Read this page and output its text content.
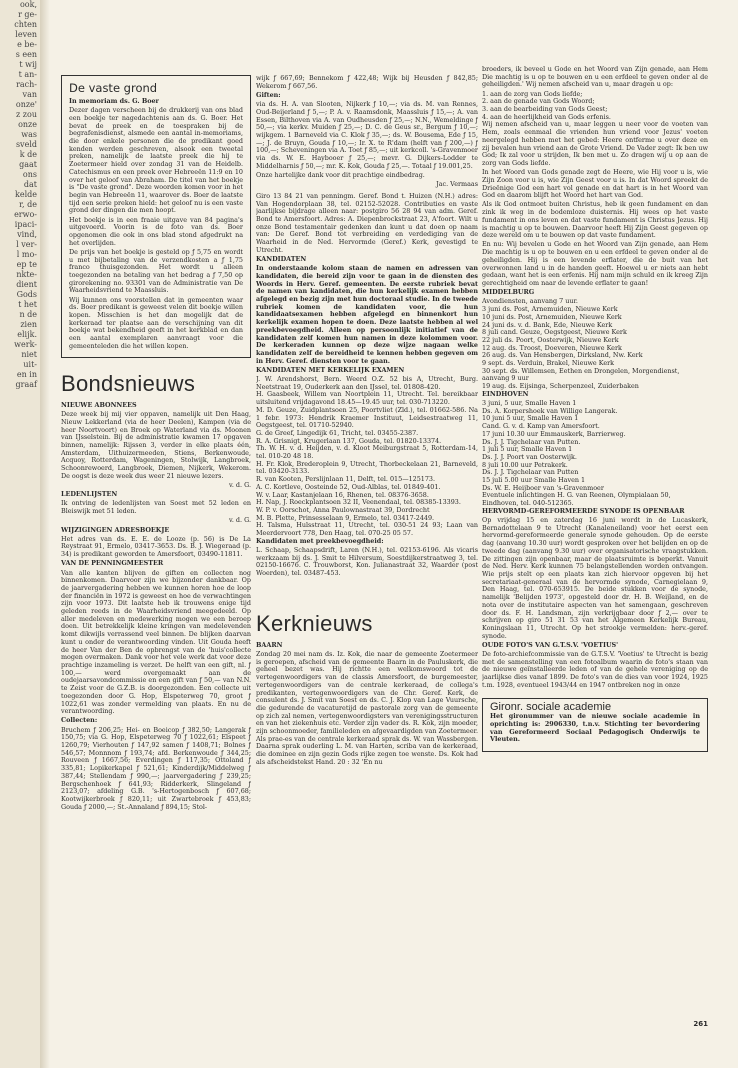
ook,
r ge-
chten
leven
e be-
s een
t wij
t an-
rach-
van
onze'
z zou
onze
was
sveld
k de
gaat
ons
dat
kelde
r, de
erwo-
ipaci-
vind,
l ver-
l mo-
ep te
nkte-
dient
Gods
t het
n de
zien
elijk.
werk-
niet
uit-
en in
graaf
De vaste grond

In memoriam ds. G. Boer

Dezer dagen verscheen bij de drukkerij van ons blad een boekje ter nagedachtenis aan ds. G. Boer. Het bevat de preek en de toespraken bij de begrafenisdienst, alsmede een aantal in-memoriams, die door enkele personen die de predikant goed kenden werden geschreven, alsook een tweetal preken, namelijk de laatste preek die hij te Zoetermeer hield over zondag 31 van de Heidelb. Catechismus en een preek over Hebreeën 11:9 en 10 over het geloof van Abraham. De titel van het boekje is "De vaste grond". Deze woorden komen voor in het begin van Hebreeën 11, waarover ds. Boer de laatste tijd een serie preken hield: het geloof nu is een vaste grond der dingen die men hoopt.

Het boekje is in een fraaie uitgave van 84 pagina's uitgevoerd. Voorin is de foto van ds. Boer opgenomen die ook in ons blad stond afgedrukt na het overlijden.

De prijs van het boekje is gesteld op ƒ 5,75 en wordt u met bijbetaling van de verzendkosten a ƒ 1,75 franco thuisgezonden. Het wordt u alleen toegezonden na betaling van het bedrag a ƒ 7,50 op girorekening no. 93301 van de Administratie van De Waarheidsvriend te Maassluis.

Wij kunnen ons voorstellen dat in gemeenten waar ds. Boer predikant is geweest velen dit boekje willen kopen. Misschien is het dan mogelijk dat de kerkeraad ter plaatse aan de verschijning van dit boekje wat bekendheid geeft in het kerkblad en dan een aantal exemplaren aanvraagt voor die gemeenteleden die het willen kopen.

Bondsnieuws

NIEUWE ABONNEES

Deze week bij mij vier oppaven, namelijk uit Den Haag, Nieuw Lekkerland (via de heer Deelen), Kampen (via de heer Noortvoort) en Broek op Waterland via ds. Moonen van IJsselstein. Bij de administratie kwamen 17 opgaven binnen, namelijk: Rijssen 3, verder in elke plaats één, Amsterdam, Uithuizermeeden, Stiens, Berkenwoude, Acquoy, Rotterdam, Wageningen, Stolwijk, Langbroek, Schoonrewoerd, Langbroek, Diemen, Nijkerk, Wekerom. De oogst is deze week dus weer 21 nieuwe lezers.

v. d. G.

LEDENLIJSTEN

Ik ontving de ledenlijsten van Soest met 52 leden en Bleiswijk met 51 leden.

v. d. G.

WIJZIGINGEN ADRESBOEKJE

Het adres van ds. E. E. de Looze (p. 56) is De La Reystraat 91, Ermelo, 03417-3653. Ds. B. J. Wiegeraad (p. 34) is predikant geworden te Amersfoort, 03490-11811.

VAN DE PENNINGMEESTER

Van alle kanten blijven de giften en collecten nog binnenkomen. Daarvoor zijn we bijzonder dankbaar. Op de jaarvergadering hebben we kunnen horen hoe de loop der financiën in 1972 is geweest en hoe de verwachtingen zijn voor 1973. Dit laatste heb ik trouwens enige tijd geleden reeds in de Waarheidsvriend meegedeeld. Op aller medeleven en medewerking mogen we een beroep doen. Uit betrekkelijk kleine kringen van medelevenden komt dikwijls verrassend veel binnen. De blijken daarvan kunt u onder de verantwoording vinden. Uit Gouda heeft de heer Van der Ben de opbrengst van de 'huis'collecte mogen overmaken. Dank voor het vele werk dat voor deze prachtige inzameling is verzet. De helft van een gift, nl. ƒ 100,— werd overgemaakt aan de oudejaarsavondcommissie en een gift van ƒ 50,— van N.N. te Zeist voor de G.Z.B. is doorgezonden. Een collecte uit toegezonden door G. Hop, Elspeterweg 70, groot ƒ 1022,61 was zonder vermelding van plaats. En nu de verantwoording.

Collecten:

Bruchem ƒ 206,25; Hei- en Boeicop ƒ 382,50; Langerak ƒ 150,75; via G. Hop, Elspeterweg 70 ƒ 1022,61; Elspeet ƒ 1260,79; Vierhouten ƒ 147,92 samen ƒ 1408,71; Bolnes ƒ 546,57; Monnnom ƒ 193,74; afd. Berkenwoude ƒ 344,25; Rouveen ƒ 1667,56; Everdingen ƒ 117,35; Ottoland ƒ 335,81; Lopikerkapel ƒ 521,61; Kinderdijk/Middelweg ƒ 387,44; Stellendam ƒ 990,—; jaarvergadering ƒ 239,25; Bergschenhoek ƒ 641,93; Ridderkerk, Slingeland ƒ 2123,07; afdeling G.B. 's-Hertogenbosch ƒ 607,68; Kootwijkerbroek ƒ 820,11; uit Zwartebroek ƒ 453,83; Gouda ƒ 2000,—; St.-Annaland ƒ 894,15; Stol-

wijk ƒ 667,69; Bennekom ƒ 422,48; Wijk bij Heusden ƒ 842,85; Wekerom ƒ 667,56.

Giften:

via ds. H. A. van Slooten, Nijkerk ƒ 10,—; via ds. M. van Rennes, Oud-Beijerland ƒ 5,—; P. A. v. Raamsdonk, Maassluis ƒ 15,—; A. van Essen, Bilthoven via A. van Oudheusden ƒ 25,—; N.N., Wemeldinge ƒ 50,—; via kerkv. Muiden ƒ 25,—; D. C. de Geus sr., Bergum ƒ 10,—; wijkgem. 1 Barneveld via C. Klok ƒ 35,—; ds. W. Bousema, Ede ƒ 15,—; J. de Bruyn, Gouda ƒ 10,—; Ir. X. te R'dam (helft van ƒ 200,—) ƒ 100,—; Scheveningen via A. Toet ƒ 85,—; uit kerkcoll. 's-Gravenmoer via ds. W. E. Haybooer ƒ 25,—; mevr. G. Dijkers-Lodder te Middelharnis ƒ 50,—; mr. K. Kok, Gouda ƒ 25,—. Totaal ƒ 19.001,25.

Onze hartelijke dank voor dit prachtige eindbedrag.

Jac. Vermaas

Giro 13 84 21 van penningm. Geref. Bond t. Huizen (N.H.) adres: Van Hogendorplaan 38, tel. 02152-52028. Contributies en vaste jaarlijkse bijdrage alleen naar: postgiro 56 28 94 van adm. Geref. Bond te Amersfoort. Adres: A. Diepenbrockstraat 23, A'foort. Wilt u onze Bond testamentair gedenken dan kunt u dat doen op naam van: De Geref. Bond tot verbreiding en verdediging van de Waarheid in de Ned. Hervormde (Geref.) Kerk, gevestigd te Utrecht.

KANDIDATEN

In onderstaande kolom staan de namen en adressen van kandidaten, die bereid zijn voor te gaan in de diensten des Woords in Herv. Geref. gemeenten. De eerste rubriek bevat de namen van kandidaten, die hun kerkelijk examen hebben afgelegd en bezig zijn met hun doctoraal studie. In de tweede rubriek komen de kandidaten voor, die hun kandidaatsexamen hebben afgelegd en binnenkort hun kerkelijk examen hopen te doen. Deze laatste hebben al wel preekbevoegdheid. Alleen op persoonlijk initiatief van de kandidaten zelf komen hun namen in deze kolommen voor. De kerkeraden kunnen op deze wijze nagaan welke kandidaten zelf de bereidheid te kennen hebben gegeven om in Herv. Geref. diensten voor te gaan.

KANDIDATEN MET KERKELIJK EXAMEN

J. W. Arendshorst, Bern. Weerd O.Z. 52 bis A, Utrecht, Burg. Neetstraat 19, Ouderkerk aan den IJssel, tel. 01808-420.
H. Gaasbeek, Willem van Noortplein 11, Utrecht. Tel. bereikbaar uitsluitend vrijdagavond 18.45—19.45 uur, tel. 030-713220.
M. D. Geuze, Zuidplantsoen 25, Poortvliet (Zld.), tel. 01662-586. Na 1 febr. 1973: Hendrik Kraemer Instituut, Leidsestraatweg 11, Oegstgeest, tel. 01710-52940.
G. de Greef, Lingedijk 61, Tricht, tel. 03455-2387.
R. A. Grisnigt, Krugerlaan 137, Gouda, tel. 01820-13374.
Th. W. H. v. d. Heijden, v. d. Kloot Meiburgstraat 5, Rotterdam-14, tel. 010-20 48 18.
H. Fr. Klok, Brederoplein 9, Utrecht, Thorbeckelaan 21, Barneveld, tel. 03420-3133.
R. van Kooten, Perslijnlaan 11, Delft, tel. 015—125173.
A. C. Kortleve, Oosteinde 52, Oud-Alblas, tel. 01849-401.
W. v. Laar, Kastanjelaan 16, Rhenen, tel. 08376-3658.
H. Nap, J. Roeckplantsoen 32 II, Veenendaal, tel. 08385-13393.
W. P. v. Oorschot, Anna Paulownastraat 39, Dordrecht
M. B. Plette, Prinsesselaan 9, Ermelo, tel. 03417-2449.
H. Talsma, Hulsstraat 11, Utrecht, tel. 030-51 24 93; Laan van Meerdervoort 778, Den Haag, tel. 070-25 05 57.

Kandidaten met preekbevoegdheid:

L. Schaap, Schaapsdrift, Laren (N.H.), tel. 02153-6196. Als vicaris werkzaam bij ds. J. Smit te Hilversum, Soestdijkerstraatweg 3, tel. 02150-16676. C. Trouwborst, Kon. Julianastraat 32, Waarder (post Woerden), tel. 03487-453.

Kerknieuws

BAARN

Zondag 20 mei nam ds. Iz. Kok, die naar de gemeente Zoetermeer is geroepen, afscheid van de gemeente Baarn in de Pauluskerk, die geheel bezet was. Hij richtte een welkomswoord tot de vertegenwoordigers van de classis Amersfoort, de burgemeester, vertegenwoordigers van de centrale kerkeraad, de collega's predikanten, vertegenwoordigers van de Chr. Geref. Kerk, de consulent ds. J. Smit van Soest en ds. C. J. Klop van Lage Vuursche, die gedurende de vacaturetijd de pastorale zorg van de gemeente op zich zal nemen, vertegenwoordigsters van verenigingsstructuren en van het ziekenhuis etc. Verder zijn vader ds. R. Kok, zijn moeder, zijn schoonmoeder, familieleden en afgevaardigden van Zoetermeer. Als prae-es van de centrale kerkeraad sprak ds. W. van Wassbergen. Daarna sprak ouderling L. M. van Harten, scriba van de kerkeraad, die dominee en zijn gezin Gods rijke zegen toe wenste. Ds. Kok had als afscheidstekst Hand. 20 : 32 'En nu

broeders, ik beveel u Gode en het Woord van Zijn genade, aan Hem Die machtig is u op te bouwen en u een erfdeel te geven onder al de geheiligden.' Wij nemen afscheid van u, maar dragen u op:

1. aan de zorg van Gods liefde;
2. aan de genade van Gods Woord;
3. aan de bearbeiding van Gods Geest;
4. aan de heerlijkheid van Gods erfenis.

Wij nemen afscheid van u, maar leggen u neer voor de voeten van Hem, zoals eenmaal die vrienden hun vriend voor Jezus' voeten neergelegd hebben met het gebed: Heere ontferme u over deze en zij bevalen hun vriend aan de Grote Vriend. De Vader zegt: Ik ben uw God; Ik zal voor u strijden, Ik ben met u. Zo dragen wij u op aan de zorg van Gods liefde.

In het Woord van Gods genade zegt de Heere, wie Hij voor u is, wie Zijn Zoon voor u is, wie Zijn Geest voor u is. In dat Woord spreekt de Drieënige God een hart vol genade en dat hart is in het Woord van God en daarom blijft het Woord het hart van God.

Als ik God ontmoet buiten Christus, heb ik geen fundament en dan zink ik weg in de bodemloze duisternis. Hij wees op het vaste fundament in ons leven en dat vaste fundament is Christus Jezus. Hij is machtig u op te bouwen. Daarvoor heeft Hij Zijn Geest gegeven op deze wereld om u te bouwen op dat vaste fundament.

En nu: Wij bevelen u Gode en het Woord van Zijn genade, aan Hem Die machtig is u op te bouwen en u een erfdeel te geven onder al de geheiligden. Hij is een levende erflater, die de buit van het overwonnen land u in de handen geeft. Hoewel u er niets aan hebt gedaan, want het is een erfenis. Hij nam mijn schuld en ik kreeg Zijn gerechtigheid om naar de levende erflater te gaan!

MIDDELBURG

Avondiensten, aanvang 7 uur.
3 juni ds. Post, Arnemuiden, Nieuwe Kerk
10 juni ds. Post, Arnemuiden, Nieuwe Kerk
24 juni ds. v. d. Bank, Ede, Nieuwe Kerk
8 juli cand. Geuze, Oegstgeest, Nieuwe Kerk
22 juli ds. Poort, Oosterwijk, Nieuwe Kerk
12 aug. ds. Troost, Doeveren, Nieuwe Kerk
26 aug. ds. Van Hensbergen, Dirksland, Nw. Kerk
9 sept. ds. Verduin, Brakel, Nieuwe Kerk
30 sept. ds. Willemsen, Eethen en Drongelen, Morgendienst, aanvang 9 uur
19 aug. ds. Eijsinga, Scherpenzeel, Zuiderbaken

EINDHOVEN

3 juni, 5 uur, Smalle Haven 1
Ds. A. Korpershoek van Willige Langerak.
10 juni 5 uur, Smalle Haven 1
Cand. G. v. d. Kamp van Amersfoort.
17 juni 10.30 uur Emmauskerk, Barrierweg.
Ds. J. J. Tigchelaar van Putten.
1 juli 5 uur, Smalle Haven 1
Ds. J. J. Poort van Oosterwijk.
8 juli 10.00 uur Petrakerk.
Ds. J. J. Tigchelaar van Putten
15 juli 5.00 uur Smalle Haven 1
Ds. W. E. Heijboer van 's-Gravenmoer
Eventuele inlichtingen H. G. van Reenen, Olympialaan 50, Eindhoven, tel. 040-512365.

HERVORMD-GEREFORMEERDE SYNODE IS OPENBAAR

Op vrijdag 15 en zaterdag 16 juni wordt in de Lucaskerk, Bernadottelaan 9 te Utrecht (Kanaleneiland) voor het eerst een hervormd-gereformeerde generale synode gehouden. Op de eerste dag (aanvang 10.30 uur) wordt gesproken over het belijden en op de tweede dag (aanvang 9.30 uur) over organisatorische vraagstukken. De zittingen zijn openbaar, maar de plaatsruimte is beperkt. Vanuit de Ned. Herv. Kerk kunnen 75 belangstellenden worden ontvangen. Wie prijs stelt op een plaats kan zich hiervoor opgeven bij het secretariaat-generaal van de hervormde synode, Carnegielaan 9, Den Haag, tel. 070-653915. De beide stukken voor de synode, namelijk 'Belijden 1973', opgesteld door dr. H. B. Weijland, en de nota over de institutaire aspecten van het samengaan, geschreven door ds. F. H. Landsman, zijn verkrijgbaar door ƒ 2,— over te schrijven op giro 51 31 53 van het Algemeen Kerkelijk Bureau, Koningslaan 11, Utrecht. Op het strookje vermelden: herv.-geref. synode.

OUDE FOTO'S VAN G.T.S.V. 'VOETIUS'

De foto-archiefcommissie van de G.T.S.V. 'Voetius' te Utrecht is bezig met de samenstelling van een fotoalbum waarin de foto's staan van de nieuwe geïnstalleerde leden of van de gehele vereniging op de jaarlijkse dies vanaf 1899. De foto's van de dies van voor 1924, 1925 t.m. 1928, eventueel 1943/44 en 1947 ontbreken nog in onze

Gironr. sociale academie

Het gironummer van de nieuwe sociale academie in oprichting is: 2906330, t.n.v. Stichting ter bevordering van Gereformeerd Sociaal Pedagogisch Onderwijs te Vleuten.

261
